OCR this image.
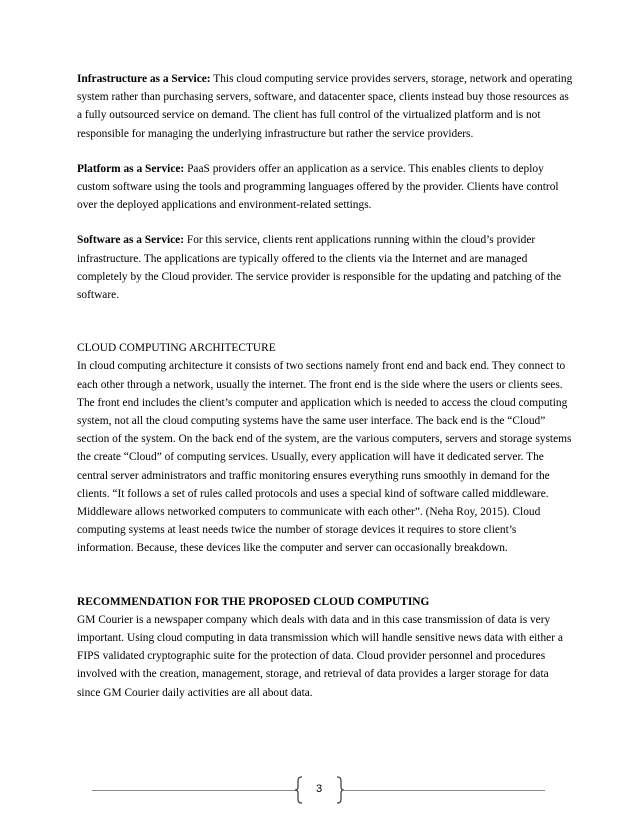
Infrastructure as a Service: This cloud computing service provides servers, storage, network and operating system rather than purchasing servers, software, and datacenter space, clients instead buy those resources as a fully outsourced service on demand. The client has full control of the virtualized platform and is not responsible for managing the underlying infrastructure but rather the service providers.

Platform as a Service: PaaS providers offer an application as a service. This enables clients to deploy custom software using the tools and programming languages offered by the provider. Clients have control over the deployed applications and environment-related settings.

Software as a Service: For this service, clients rent applications running within the cloud’s provider infrastructure. The applications are typically offered to the clients via the Internet and are managed completely by the Cloud provider. The service provider is responsible for the updating and patching of the software.

CLOUD COMPUTING ARCHITECTURE

In cloud computing architecture it consists of two sections namely front end and back end. They connect to each other through a network, usually the internet. The front end is the side where the users or clients sees. The front end includes the client’s computer and application which is needed to access the cloud computing system, not all the cloud computing systems have the same user interface. The back end is the “Cloud” section of the system. On the back end of the system, are the various computers, servers and storage systems the create “Cloud” of computing services. Usually, every application will have it dedicated server. The central server administrators and traffic monitoring ensures everything runs smoothly in demand for the clients. “It follows a set of rules called protocols and uses a special kind of software called middleware. Middleware allows networked computers to communicate with each other”. (Neha Roy, 2015). Cloud computing systems at least needs twice the number of storage devices it requires to store client’s information. Because, these devices like the computer and server can occasionally breakdown.

RECOMMENDATION FOR THE PROPOSED CLOUD COMPUTING

GM Courier is a newspaper company which deals with data and in this case transmission of data is very important. Using cloud computing in data transmission which will handle sensitive news data with either a FIPS validated cryptographic suite for the protection of data. Cloud provider personnel and procedures involved with the creation, management, storage, and retrieval of data provides a larger storage for data since GM Courier daily activities are all about data.

3
